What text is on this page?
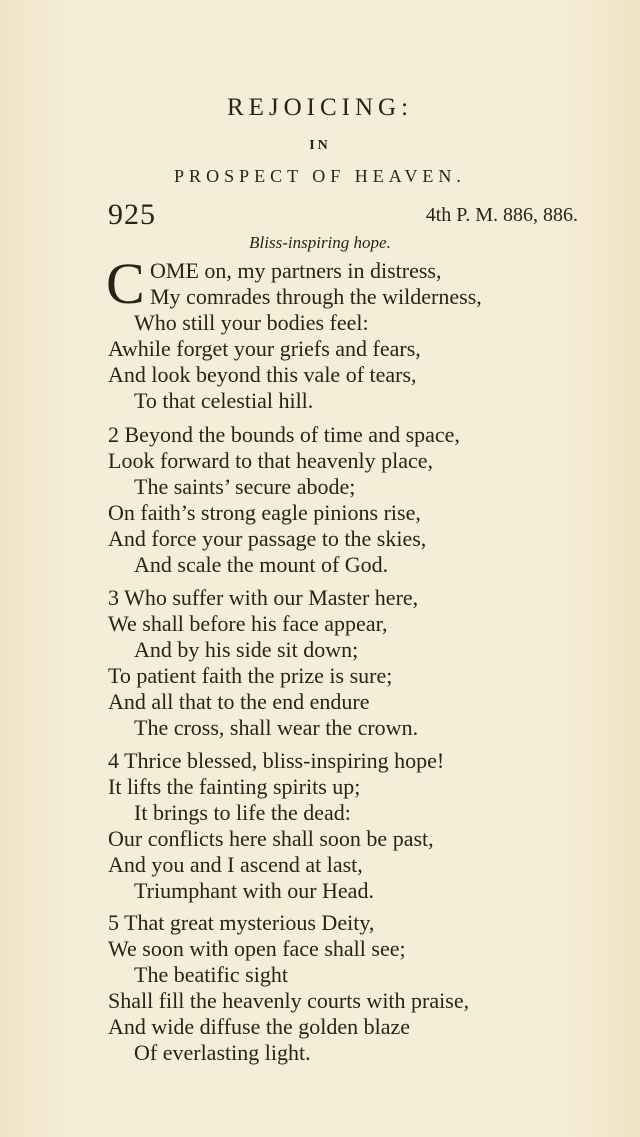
REJOICING:
IN
PROSPECT OF HEAVEN.
925	4th P. M. 886, 886.
Bliss-inspiring hope.
C OME on, my partners in distress,
My comrades through the wilderness,
Who still your bodies feel:
Awhile forget your griefs and fears,
And look beyond this vale of tears,
To that celestial hill.
2 Beyond the bounds of time and space,
Look forward to that heavenly place,
The saints’ secure abode;
On faith’s strong eagle pinions rise,
And force your passage to the skies,
And scale the mount of God.
3 Who suffer with our Master here,
We shall before his face appear,
And by his side sit down;
To patient faith the prize is sure;
And all that to the end endure
The cross, shall wear the crown.
4 Thrice blessed, bliss-inspiring hope!
It lifts the fainting spirits up;
It brings to life the dead:
Our conflicts here shall soon be past,
And you and I ascend at last,
Triumphant with our Head.
5 That great mysterious Deity,
We soon with open face shall see;
The beatific sight
Shall fill the heavenly courts with praise,
And wide diffuse the golden blaze
Of everlasting light.
